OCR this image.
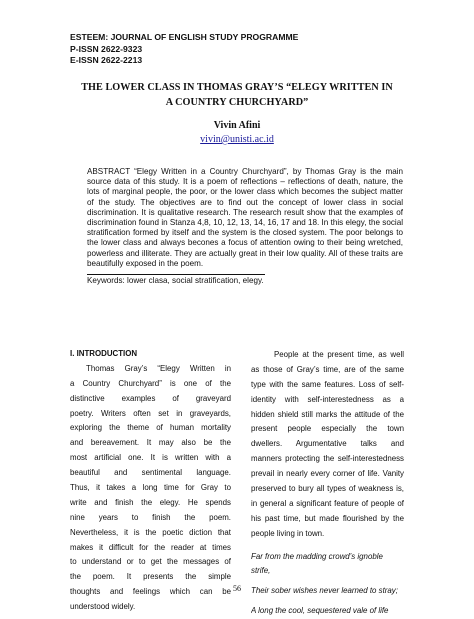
ESTEEM: JOURNAL OF ENGLISH STUDY PROGRAMME
P-ISSN 2622-9323
E-ISSN 2622-2213
THE LOWER CLASS IN THOMAS GRAY’S “ELEGY WRITTEN IN
A COUNTRY CHURCHYARD”
Vivin Afini
vivin@unisti.ac.id
ABSTRACT “Elegy Written in a Country Churchyard”, by Thomas Gray is the main source data of this study. It is a poem of reflections – reflections of death, nature, the lots of marginal people, the poor, or the lower class which becomes the subject matter of the study. The objectives are to find out the concept of lower class in social discrimination. It is qualitative research. The research result show that the examples of discrimination found in Stanza 4,8, 10, 12, 13, 14, 16, 17 and 18. In this elegy, the social stratification formed by itself and the system is the closed system. The poor belongs to the lower class and always becones a focus of attention owing to their being wretched, powerless and illiterate. They are actually great in their low quality. All of these traits are beautifully exposed in the poem.
Keywords: lower clasa, social stratification, elegy.
I. INTRODUCTION
Thomas Gray’s “Elegy Written in
a Country Churchyard” is one of the
distinctive examples of graveyard
poetry. Writers often set in graveyards,
exploring the theme of human mortality
and bereavement. It may also be the
most artificial one. It is written with a
beautiful and sentimental language.
Thus, it takes a long time for Gray to
write and finish the elegy. He spends
nine years to finish the poem.
Nevertheless, it is the poetic diction that
makes it difficult for the reader at times
to understand or to get the messages of
the poem. It presents the simple
thoughts and feelings which can be
understood widely.
People at the present time, as well
as those of Gray’s time, are of the same
type with the same features. Loss of self-
identity with self-interestedness as a
hidden shield still marks the attitude of the
present people especially the town
dwellers. Argumentative talks and
manners protecting the self-interestedness
prevail in nearly every corner of life. Vanity
preserved to bury all types of weakness is,
in general a significant feature of people of
his past time, but made flourished by the
people living in town.
Far from the madding crowd’s ignoble
strife,
Their sober wishes never learned to stray;
A long the cool, sequestered vale of life
56
